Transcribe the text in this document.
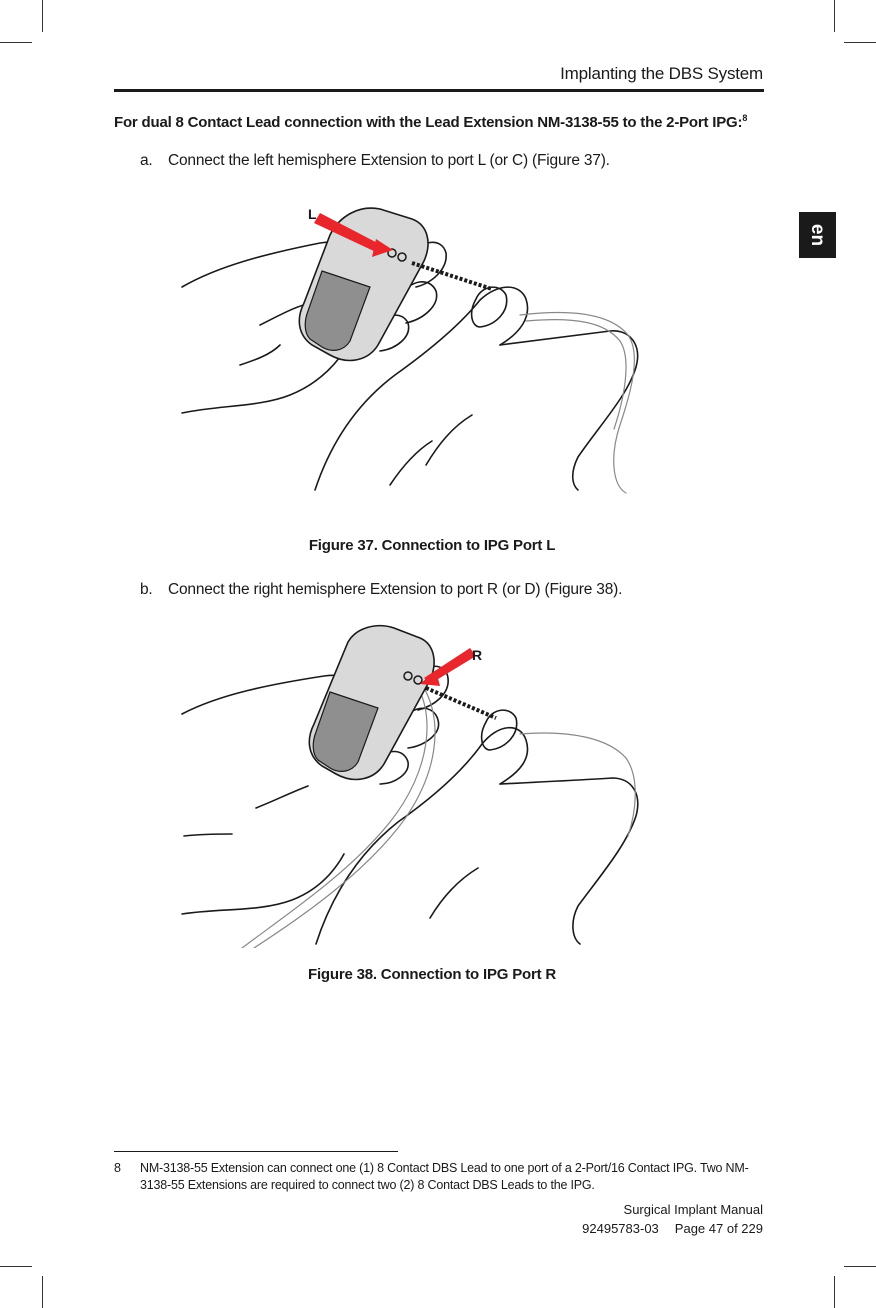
Implanting the DBS System
en
For dual 8 Contact Lead connection with the Lead Extension NM-3138-55 to the 2-Port IPG:$^8$
a. Connect the left hemisphere Extension to port L (or C) (Figure 37).
L
Figure 37. Connection to IPG Port L
b. Connect the right hemisphere Extension to port R (or D) (Figure 38).
R
Figure 38. Connection to IPG Port R
8 NM-3138-55 Extension can connect one (1) 8 Contact DBS Lead to one port of a 2-Port/16 Contact IPG. Two NM-3138-55 Extensions are required to connect two (2) 8 Contact DBS Leads to the IPG.
Surgical Implant Manual
92495783-03 Page 47 of 229
